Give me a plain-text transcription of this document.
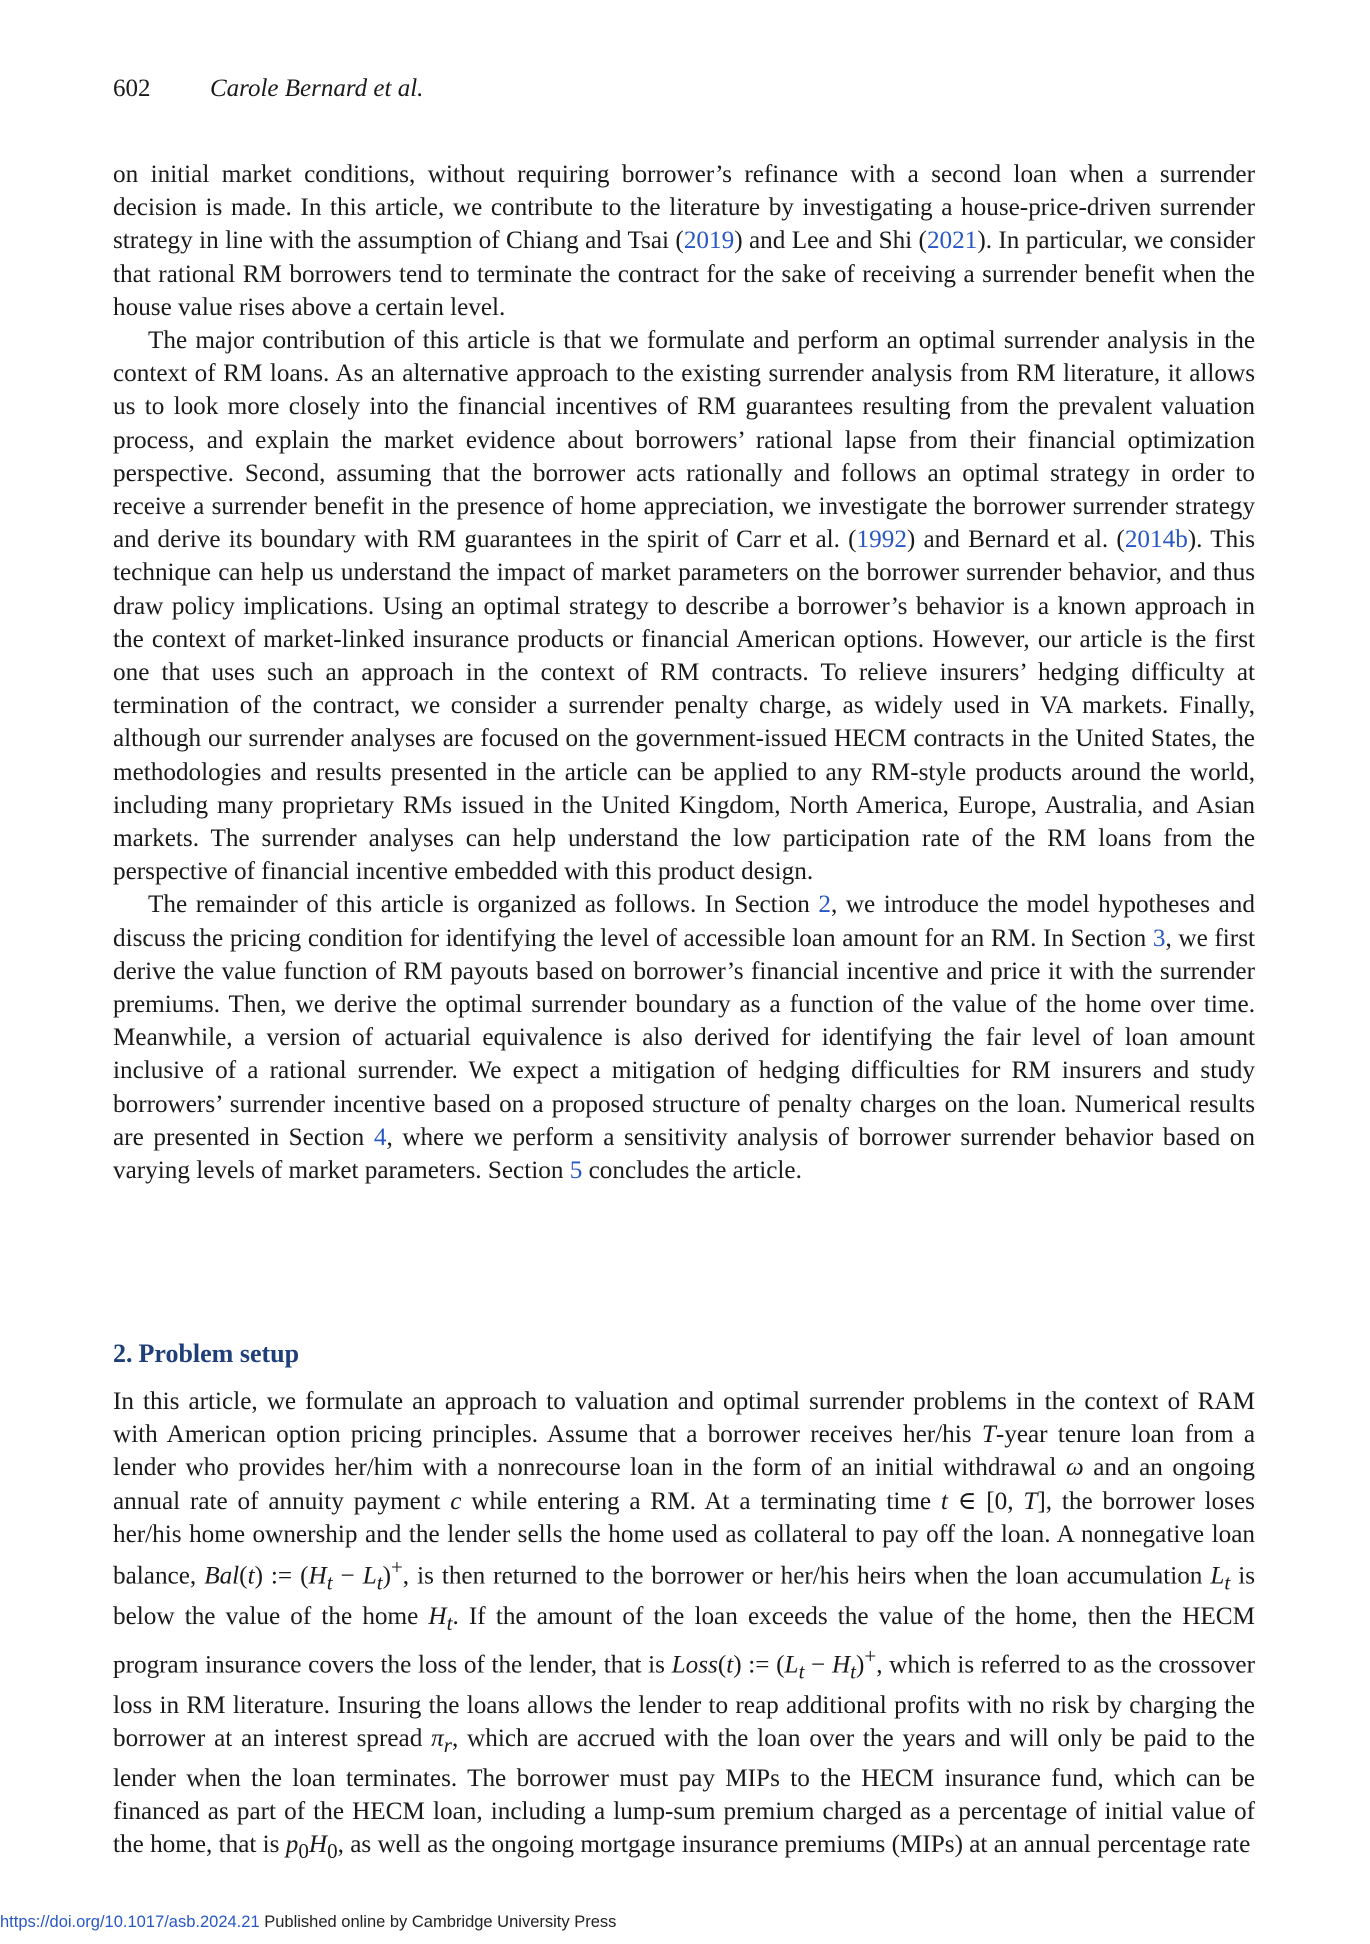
602 Carole Bernard et al.

on initial market conditions, without requiring borrower’s refinance with a second loan when a surrender decision is made. In this article, we contribute to the literature by investigating a house-price-driven surrender strategy in line with the assumption of Chiang and Tsai (2019) and Lee and Shi (2021). In particular, we consider that rational RM borrowers tend to terminate the contract for the sake of receiving a surrender benefit when the house value rises above a certain level.

The major contribution of this article is that we formulate and perform an optimal surrender analysis in the context of RM loans. As an alternative approach to the existing surrender analysis from RM literature, it allows us to look more closely into the financial incentives of RM guarantees resulting from the prevalent valuation process, and explain the market evidence about borrowers’ rational lapse from their financial optimization perspective. Second, assuming that the borrower acts rationally and follows an optimal strategy in order to receive a surrender benefit in the presence of home appreciation, we investigate the borrower surrender strategy and derive its boundary with RM guarantees in the spirit of Carr et al. (1992) and Bernard et al. (2014b). This technique can help us understand the impact of market parameters on the borrower surrender behavior, and thus draw policy implications. Using an optimal strategy to describe a borrower’s behavior is a known approach in the context of market-linked insurance products or financial American options. However, our article is the first one that uses such an approach in the context of RM contracts. To relieve insurers’ hedging difficulty at termination of the contract, we consider a surrender penalty charge, as widely used in VA markets. Finally, although our surrender analyses are focused on the government-issued HECM contracts in the United States, the methodologies and results presented in the article can be applied to any RM-style products around the world, including many proprietary RMs issued in the United Kingdom, North America, Europe, Australia, and Asian markets. The surrender analyses can help understand the low participation rate of the RM loans from the perspective of financial incentive embedded with this product design.

The remainder of this article is organized as follows. In Section 2, we introduce the model hypotheses and discuss the pricing condition for identifying the level of accessible loan amount for an RM. In Section 3, we first derive the value function of RM payouts based on borrower’s financial incentive and price it with the surrender premiums. Then, we derive the optimal surrender boundary as a function of the value of the home over time. Meanwhile, a version of actuarial equivalence is also derived for identifying the fair level of loan amount inclusive of a rational surrender. We expect a mitigation of hedging difficulties for RM insurers and study borrowers’ surrender incentive based on a proposed structure of penalty charges on the loan. Numerical results are presented in Section 4, where we perform a sensitivity analysis of borrower surrender behavior based on varying levels of market parameters. Section 5 concludes the article.

2. Problem setup

In this article, we formulate an approach to valuation and optimal surrender problems in the context of RAM with American option pricing principles. Assume that a borrower receives her/his T-year tenure loan from a lender who provides her/him with a nonrecourse loan in the form of an initial withdrawal ω and an ongoing annual rate of annuity payment c while entering a RM. At a terminating time t ∈ [0, T], the borrower loses her/his home ownership and the lender sells the home used as collateral to pay off the loan. A nonnegative loan balance, Bal(t) := $(H_t - L_t)^+$, is then returned to the borrower or her/his heirs when the loan accumulation $L_t$ is below the value of the home $H_t$. If the amount of the loan exceeds the value of the home, then the HECM program insurance covers the loss of the lender, that is Loss(t) := $(L_t - H_t)^+$, which is referred to as the crossover loss in RM literature. Insuring the loans allows the lender to reap additional profits with no risk by charging the borrower at an interest spread $\pi_r$, which are accrued with the loan over the years and will only be paid to the lender when the loan terminates. The borrower must pay MIPs to the HECM insurance fund, which can be financed as part of the HECM loan, including a lump-sum premium charged as a percentage of initial value of the home, that is $p_0H_0$, as well as the ongoing mortgage insurance premiums (MIPs) at an annual percentage rate

https://doi.org/10.1017/asb.2024.21 Published online by Cambridge University Press
